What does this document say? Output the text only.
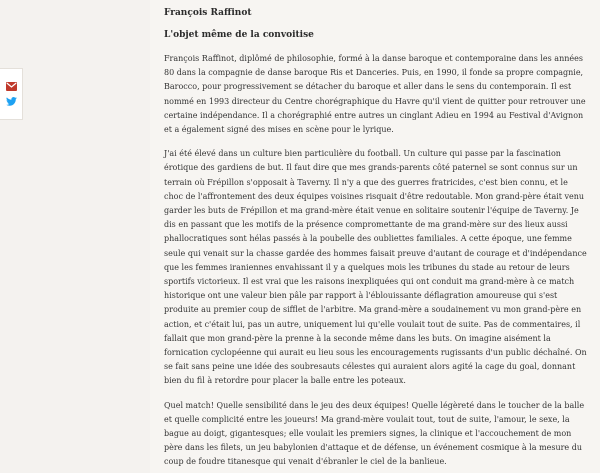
François Raffinot
L'objet même de la convoitise

François Raffinot, diplômé de philosophie, formé à la danse baroque et contemporaine dans les années 80 dans la compagnie de danse baroque Ris et Danceries. Puis, en 1990, il fonde sa propre compagnie, Barocco, pour progressivement se détacher du baroque et aller dans le sens du contemporain. Il est nommé en 1993 directeur du Centre chorégraphique du Havre qu'il vient de quitter pour retrouver une certaine indépendance. Il a chorégraphié entre autres un cinglant Adieu en 1994 au Festival d'Avignon et a également signé des mises en scène pour le lyrique.

J'ai été élevé dans un culture bien particulière du football. Un culture qui passe par la fascination érotique des gardiens de but. Il faut dire que mes grands-parents côté paternel se sont connus sur un terrain où Frépillon s'opposait à Taverny. Il n'y a que des guerres fratricides, c'est bien connu, et le choc de l'affrontement des deux équipes voisines risquait d'être redoutable. Mon grand-père était venu garder les buts de Frépillon et ma grand-mère était venue en solitaire soutenir l'équipe de Taverny. Je dis en passant que les motifs de la présence compromettante de ma grand-mère sur des lieux aussi phallocratiques sont hélas passés à la poubelle des oubliettes familiales. A cette époque, une femme seule qui venait sur la chasse gardée des hommes faisait preuve d'autant de courage et d'indépendance que les femmes iraniennes envahissant il y a quelques mois les tribunes du stade au retour de leurs sportifs victorieux. Il est vrai que les raisons inexpliquées qui ont conduit ma grand-mère à ce match historique ont une valeur bien pâle par rapport à l'éblouissante déflagration amoureuse qui s'est produite au premier coup de sifflet de l'arbitre. Ma grand-mère a soudainement vu mon grand-père en action, et c'était lui, pas un autre, uniquement lui qu'elle voulait tout de suite. Pas de commentaires, il fallait que mon grand-père la prenne à la seconde même dans les buts. On imagine aisément la fornication cyclopéenne qui aurait eu lieu sous les encouragements rugissants d'un public déchaîné. On se fait sans peine une idée des soubresauts célestes qui auraient alors agité la cage du goal, donnant bien du fil à retordre pour placer la balle entre les poteaux.

Quel match! Quelle sensibilité dans le jeu des deux équipes! Quelle légèreté dans le toucher de la balle et quelle complicité entre les joueurs! Ma grand-mère voulait tout, tout de suite, l'amour, le sexe, la bague au doigt, gigantesques; elle voulait les premiers signes, la clinique et l'accouchement de mon père dans les filets, un jeu babylonien d'attaque et de défense, un événement cosmique à la mesure du coup de foudre titanesque qui venait d'ébranler le ciel de la banlieue.
